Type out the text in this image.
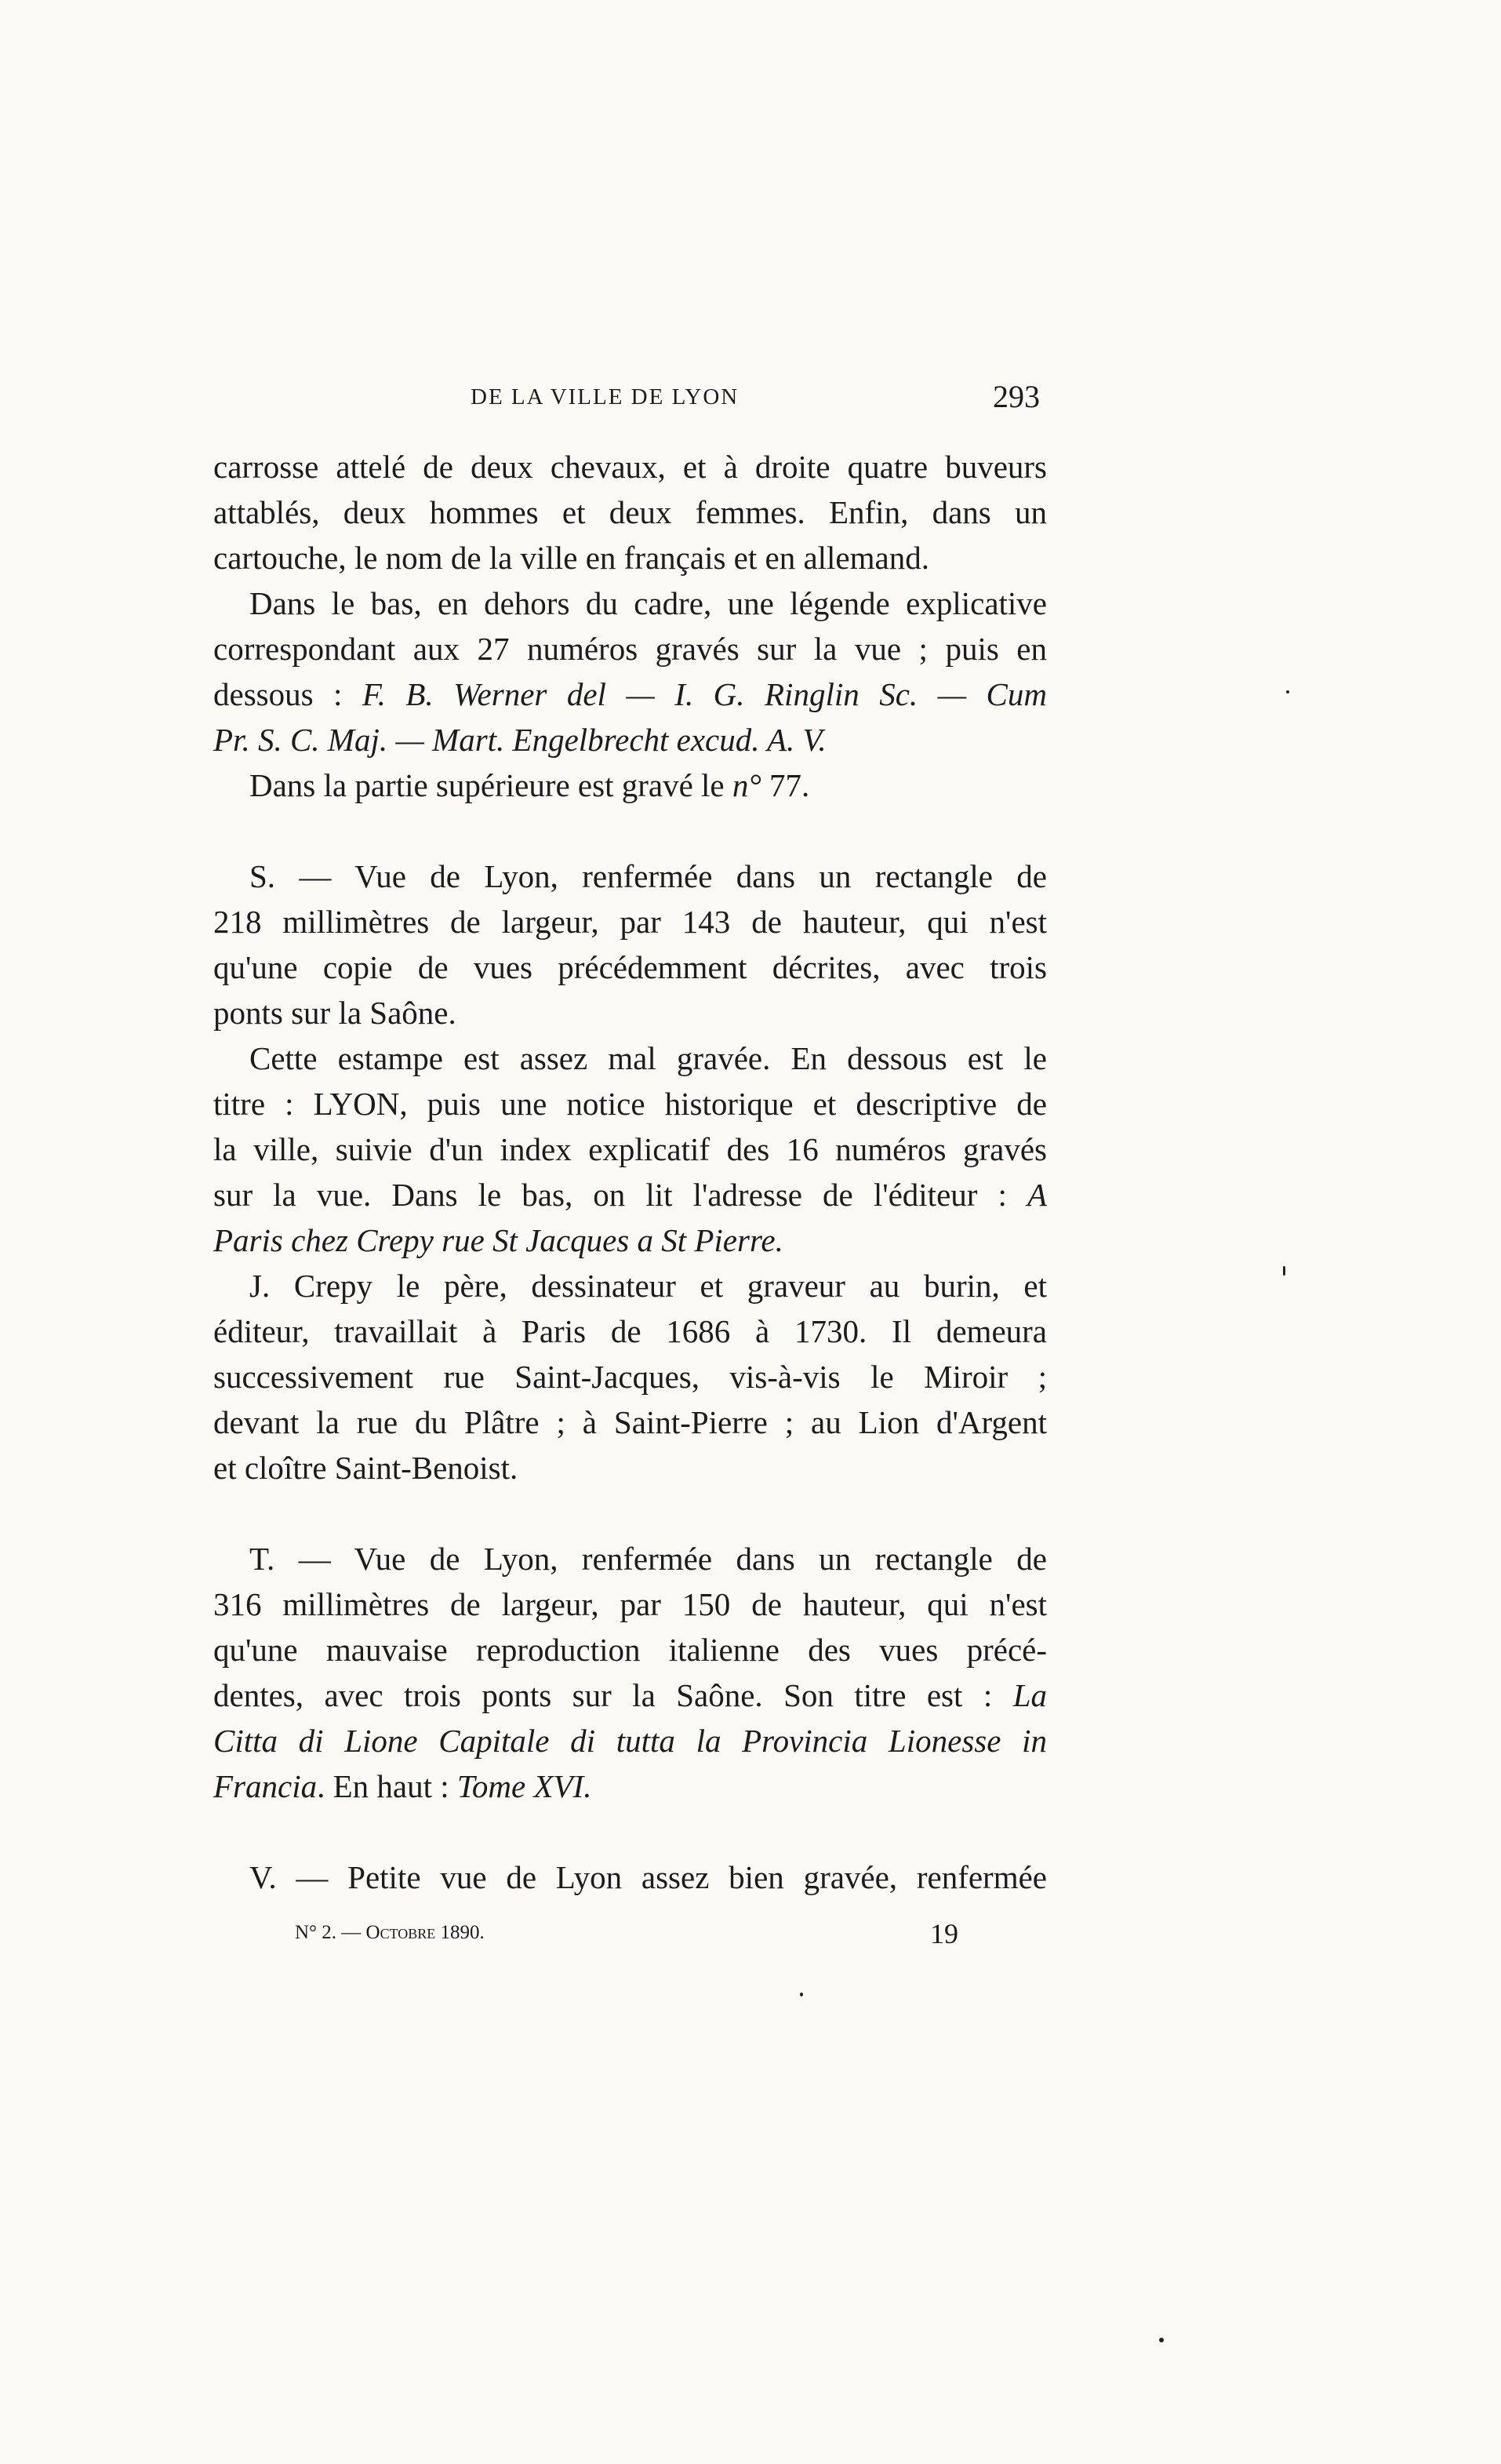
DE LA VILLE DE LYON	293
carrosse attelé de deux chevaux, et à droite quatre buveurs
attablés, deux hommes et deux femmes. Enfin, dans un
cartouche, le nom de la ville en français et en allemand.
Dans le bas, en dehors du cadre, une légende explicative
correspondant aux 27 numéros gravés sur la vue ; puis en
dessous : F. B. Werner del — I. G. Ringlin Sc. — Cum
Pr. S. C. Maj. — Mart. Engelbrecht excud. A. V.
Dans la partie supérieure est gravé le n° 77.
S. — Vue de Lyon, renfermée dans un rectangle de
218 millimètres de largeur, par 143 de hauteur, qui n'est
qu'une copie de vues précédemment décrites, avec trois
ponts sur la Saône.
Cette estampe est assez mal gravée. En dessous est le
titre : LYON, puis une notice historique et descriptive de
la ville, suivie d'un index explicatif des 16 numéros gravés
sur la vue. Dans le bas, on lit l'adresse de l'éditeur : A
Paris chez Crepy rue St Jacques a St Pierre.
J. Crepy le père, dessinateur et graveur au burin, et
éditeur, travaillait à Paris de 1686 à 1730. Il demeura
successivement rue Saint-Jacques, vis-à-vis le Miroir ;
devant la rue du Plâtre ; à Saint-Pierre ; au Lion d'Argent
et cloître Saint-Benoist.
T. — Vue de Lyon, renfermée dans un rectangle de
316 millimètres de largeur, par 150 de hauteur, qui n'est
qu'une mauvaise reproduction italienne des vues précé-
dentes, avec trois ponts sur la Saône. Son titre est : La
Citta di Lione Capitale di tutta la Provincia Lionesse in
Francia. En haut : Tome XVI.
V. — Petite vue de Lyon assez bien gravée, renfermée
N° 2. — Octobre 1890.	19
